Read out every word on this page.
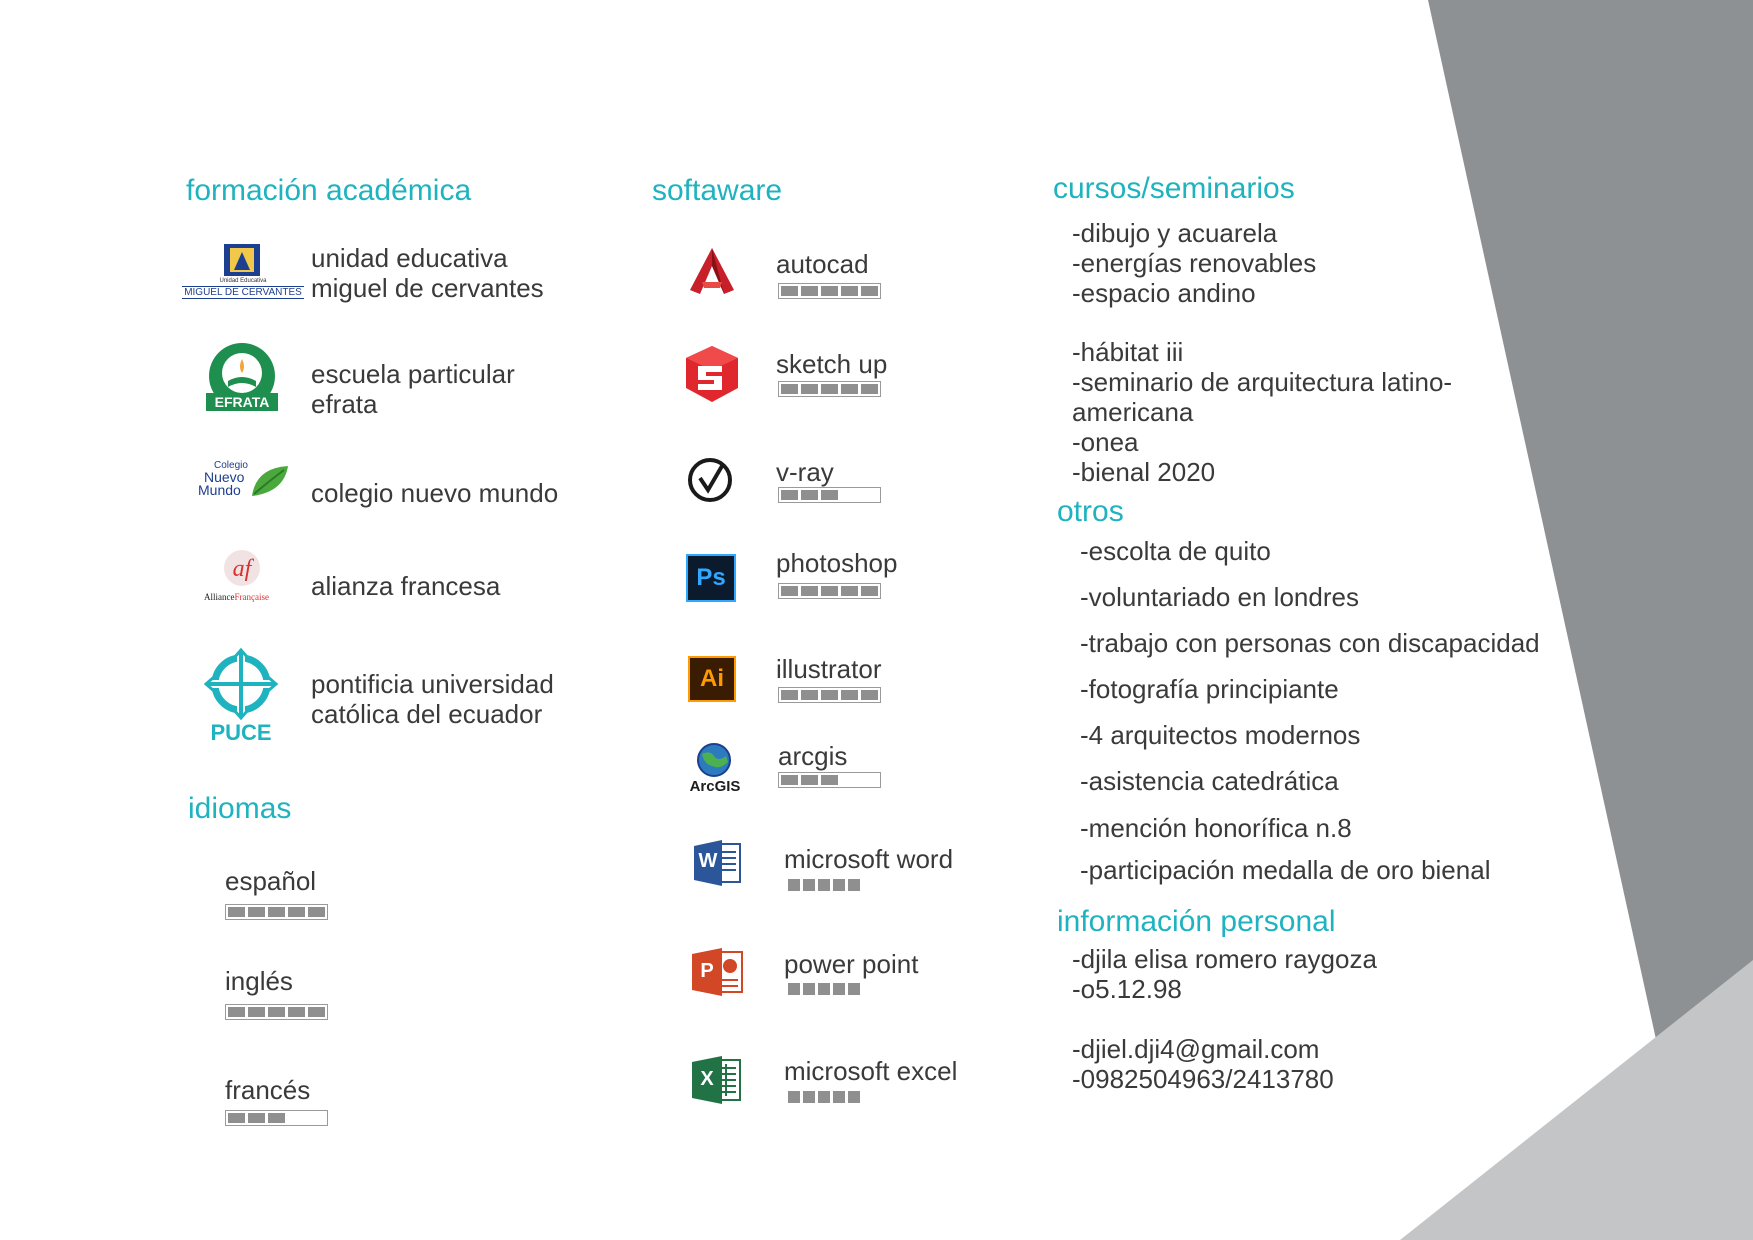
formación académica
Unidad Educativa
MIGUEL DE CERVANTES
unidad educativa
miguel de cervantes
EFRATA
escuela particular
efrata
Colegio
Nuevo
Mundo	colegio nuevo mundo
af
AllianceFrançaise alianza francesa
PUCE
pontificia universidad
católica del ecuador
idiomas
español
inglés
francés
softaware
autocad
sketch up
v-ray
Ps	photoshop
Ai	illustrator
ArcGIS
arcgis
W	microsoft word
P	power point
X	microsoft excel
cursos/seminarios
-dibujo y acuarela
-energías renovables
-espacio andino
-hábitat iii
-seminario de arquitectura latino-
americana
-onea
-bienal 2020
otros
-escolta de quito
-voluntariado en londres
-trabajo con personas con discapacidad
-fotografía principiante
-4 arquitectos modernos
-asistencia catedrática
-mención honorífica n.8
-participación medalla de oro bienal
información personal
-djila elisa romero raygoza
-o5.12.98
-djiel.dji4@gmail.com
-0982504963/2413780
